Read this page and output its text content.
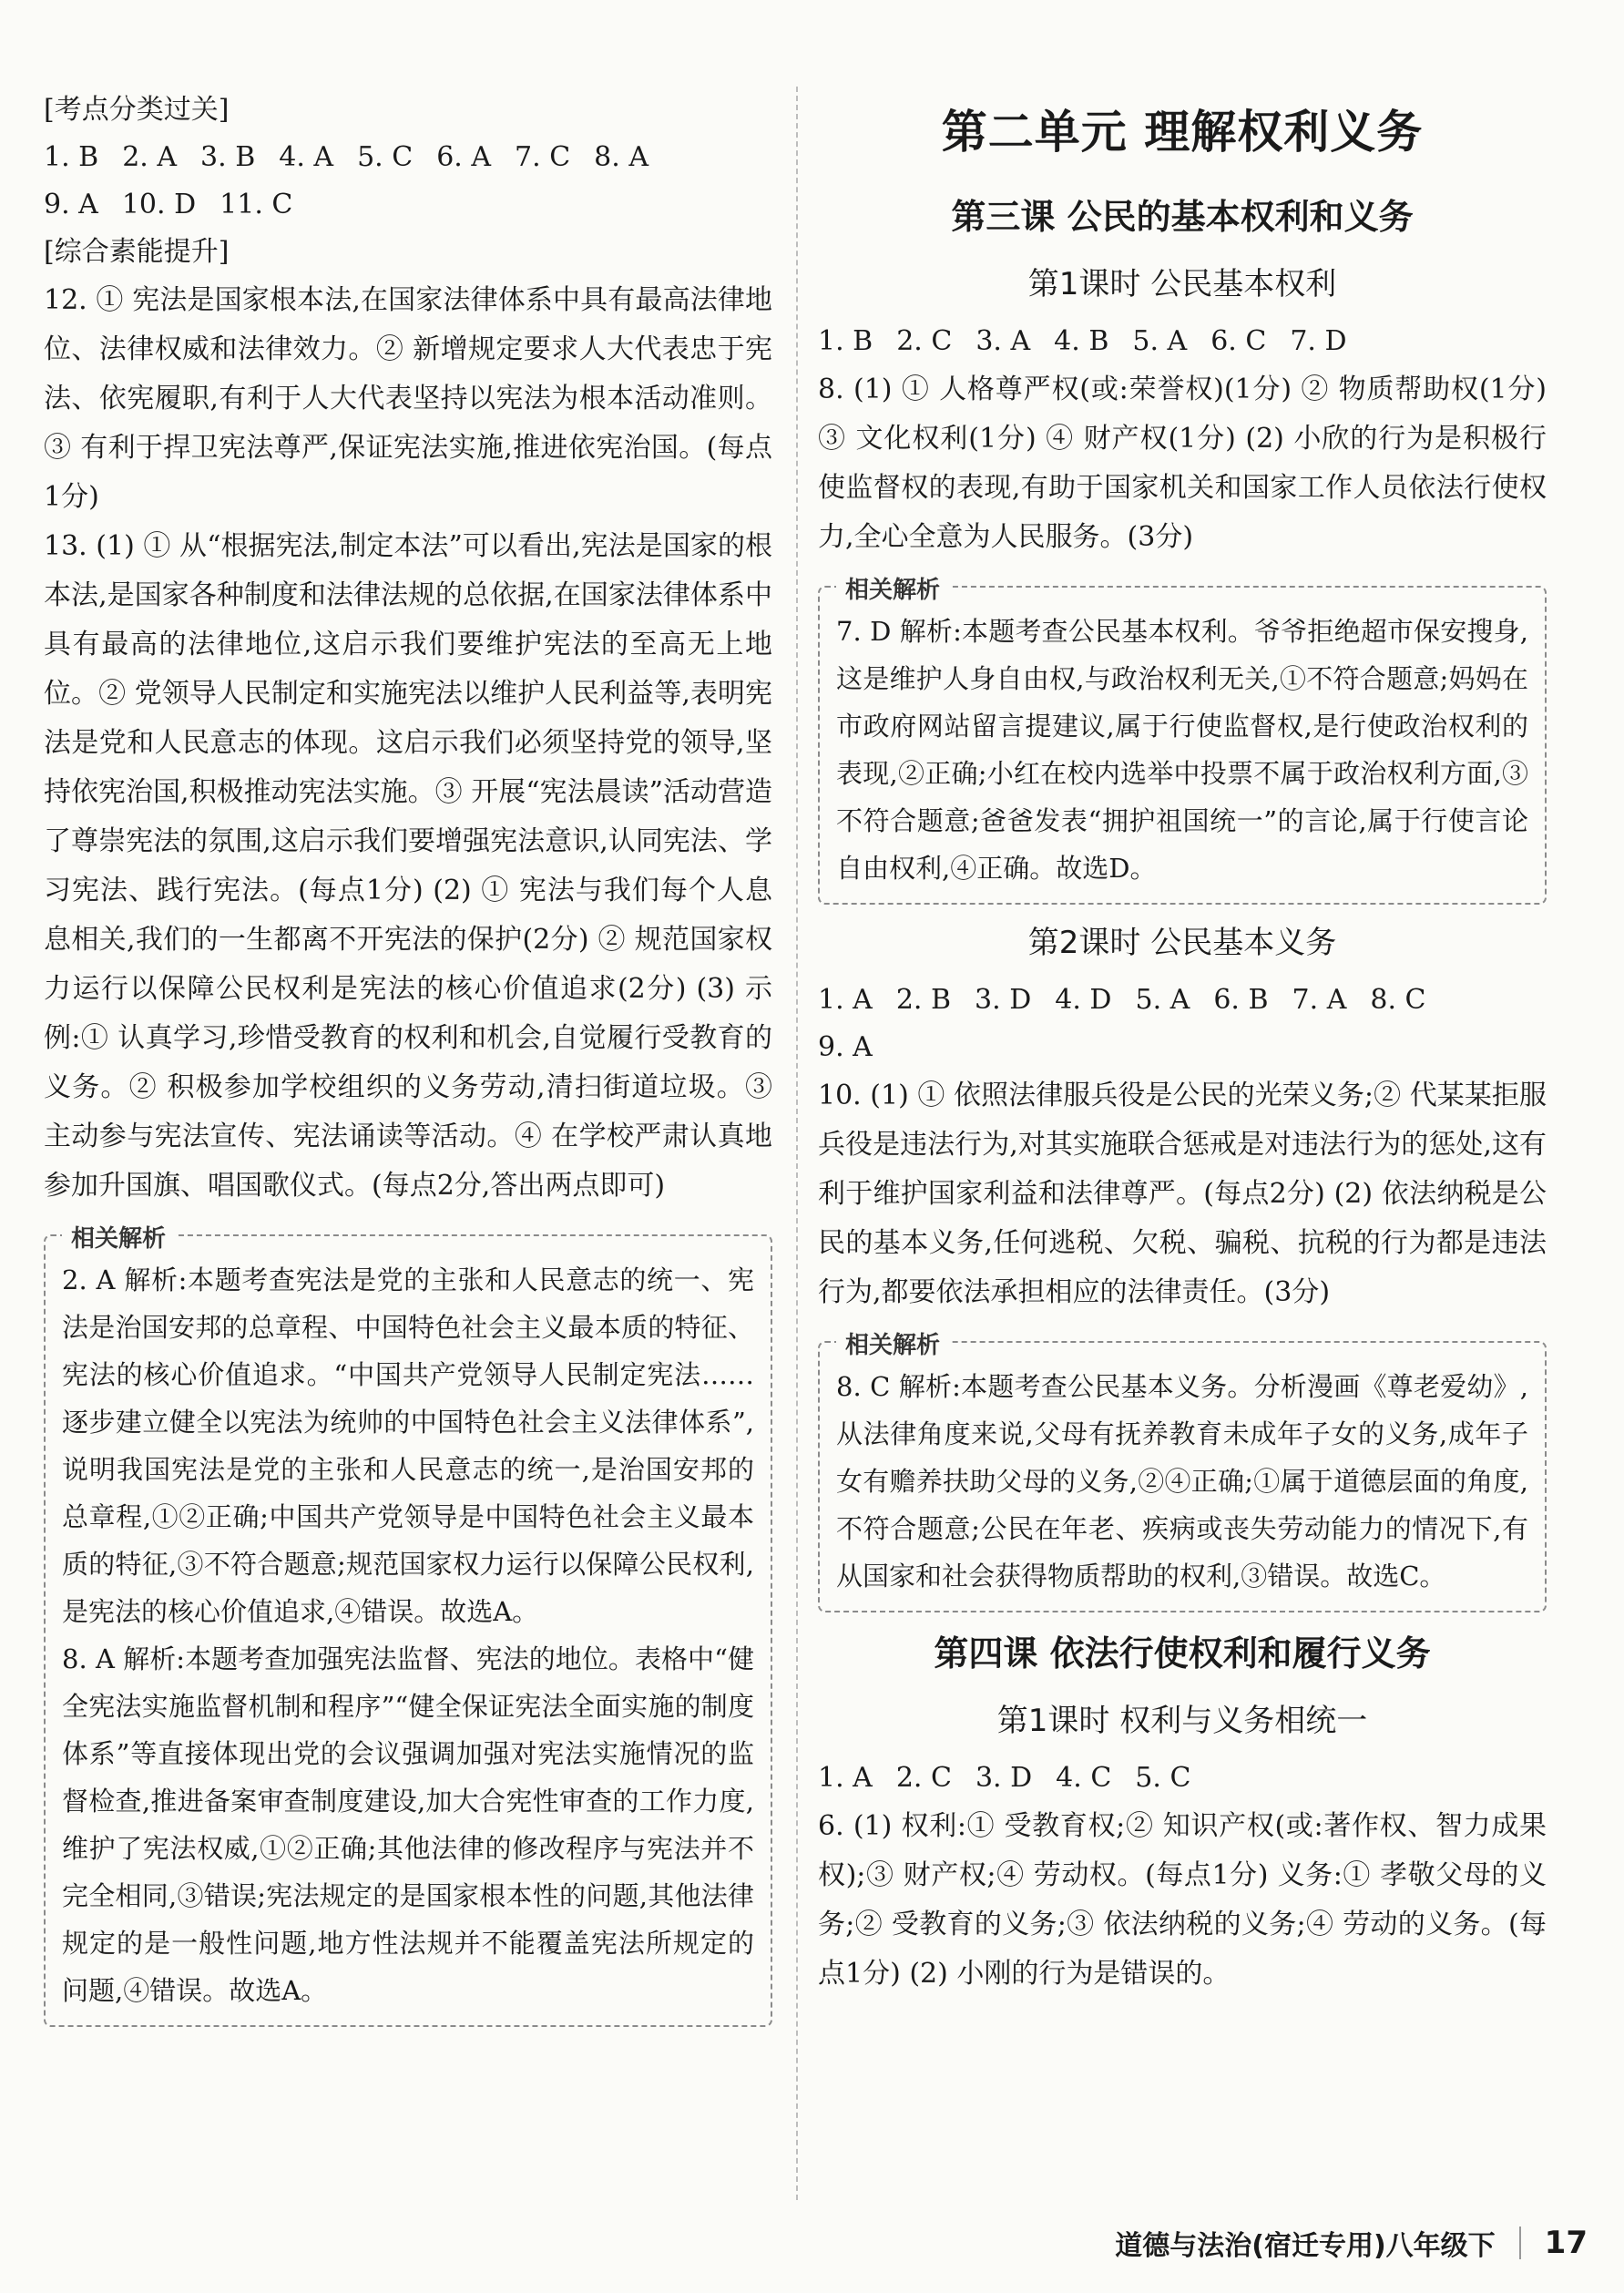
[考点分类过关]

1. B 2. A 3. B 4. A 5. C 6. A 7. C 8. A

9. A 10. D 11. C

[综合素能提升]

12. ① 宪法是国家根本法,在国家法律体系中具有最高法律地位、法律权威和法律效力。② 新增规定要求人大代表忠于宪法、依宪履职,有利于人大代表坚持以宪法为根本活动准则。③ 有利于捍卫宪法尊严,保证宪法实施,推进依宪治国。(每点1分)

13. (1) ① 从“根据宪法,制定本法”可以看出,宪法是国家的根本法,是国家各种制度和法律法规的总依据,在国家法律体系中具有最高的法律地位,这启示我们要维护宪法的至高无上地位。② 党领导人民制定和实施宪法以维护人民利益等,表明宪法是党和人民意志的体现。这启示我们必须坚持党的领导,坚持依宪治国,积极推动宪法实施。③ 开展“宪法晨读”活动营造了尊崇宪法的氛围,这启示我们要增强宪法意识,认同宪法、学习宪法、践行宪法。(每点1分) (2) ① 宪法与我们每个人息息相关,我们的一生都离不开宪法的保护(2分) ② 规范国家权力运行以保障公民权利是宪法的核心价值追求(2分) (3) 示例:① 认真学习,珍惜受教育的权利和机会,自觉履行受教育的义务。② 积极参加学校组织的义务劳动,清扫街道垃圾。③ 主动参与宪法宣传、宪法诵读等活动。④ 在学校严肃认真地参加升国旗、唱国歌仪式。(每点2分,答出两点即可)

相关解析

2. A 解析:本题考查宪法是党的主张和人民意志的统一、宪法是治国安邦的总章程、中国特色社会主义最本质的特征、宪法的核心价值追求。“中国共产党领导人民制定宪法……逐步建立健全以宪法为统帅的中国特色社会主义法律体系”,说明我国宪法是党的主张和人民意志的统一,是治国安邦的总章程,①②正确;中国共产党领导是中国特色社会主义最本质的特征,③不符合题意;规范国家权力运行以保障公民权利,是宪法的核心价值追求,④错误。故选A。

8. A 解析:本题考查加强宪法监督、宪法的地位。表格中“健全宪法实施监督机制和程序”“健全保证宪法全面实施的制度体系”等直接体现出党的会议强调加强对宪法实施情况的监督检查,推进备案审查制度建设,加大合宪性审查的工作力度,维护了宪法权威,①②正确;其他法律的修改程序与宪法并不完全相同,③错误;宪法规定的是国家根本性的问题,其他法律规定的是一般性问题,地方性法规并不能覆盖宪法所规定的问题,④错误。故选A。

第二单元 理解权利义务
第三课 公民的基本权利和义务
第1课时 公民基本权利

1. B 2. C 3. A 4. B 5. A 6. C 7. D

8. (1) ① 人格尊严权(或:荣誉权)(1分) ② 物质帮助权(1分) ③ 文化权利(1分) ④ 财产权(1分) (2) 小欣的行为是积极行使监督权的表现,有助于国家机关和国家工作人员依法行使权力,全心全意为人民服务。(3分)

相关解析

7. D 解析:本题考查公民基本权利。爷爷拒绝超市保安搜身,这是维护人身自由权,与政治权利无关,①不符合题意;妈妈在市政府网站留言提建议,属于行使监督权,是行使政治权利的表现,②正确;小红在校内选举中投票不属于政治权利方面,③不符合题意;爸爸发表“拥护祖国统一”的言论,属于行使言论自由权利,④正确。故选D。

第2课时 公民基本义务

1. A 2. B 3. D 4. D 5. A 6. B 7. A 8. C

9. A

10. (1) ① 依照法律服兵役是公民的光荣义务;② 代某某拒服兵役是违法行为,对其实施联合惩戒是对违法行为的惩处,这有利于维护国家利益和法律尊严。(每点2分) (2) 依法纳税是公民的基本义务,任何逃税、欠税、骗税、抗税的行为都是违法行为,都要依法承担相应的法律责任。(3分)

相关解析

8. C 解析:本题考查公民基本义务。分析漫画《尊老爱幼》,从法律角度来说,父母有抚养教育未成年子女的义务,成年子女有赡养扶助父母的义务,②④正确;①属于道德层面的角度,不符合题意;公民在年老、疾病或丧失劳动能力的情况下,有从国家和社会获得物质帮助的权利,③错误。故选C。

第四课 依法行使权利和履行义务
第1课时 权利与义务相统一

1. A 2. C 3. D 4. C 5. C

6. (1) 权利:① 受教育权;② 知识产权(或:著作权、智力成果权);③ 财产权;④ 劳动权。(每点1分) 义务:① 孝敬父母的义务;② 受教育的义务;③ 依法纳税的义务;④ 劳动的义务。(每点1分) (2) 小刚的行为是错误的。

道德与法治(宿迁专用)八年级下 17
